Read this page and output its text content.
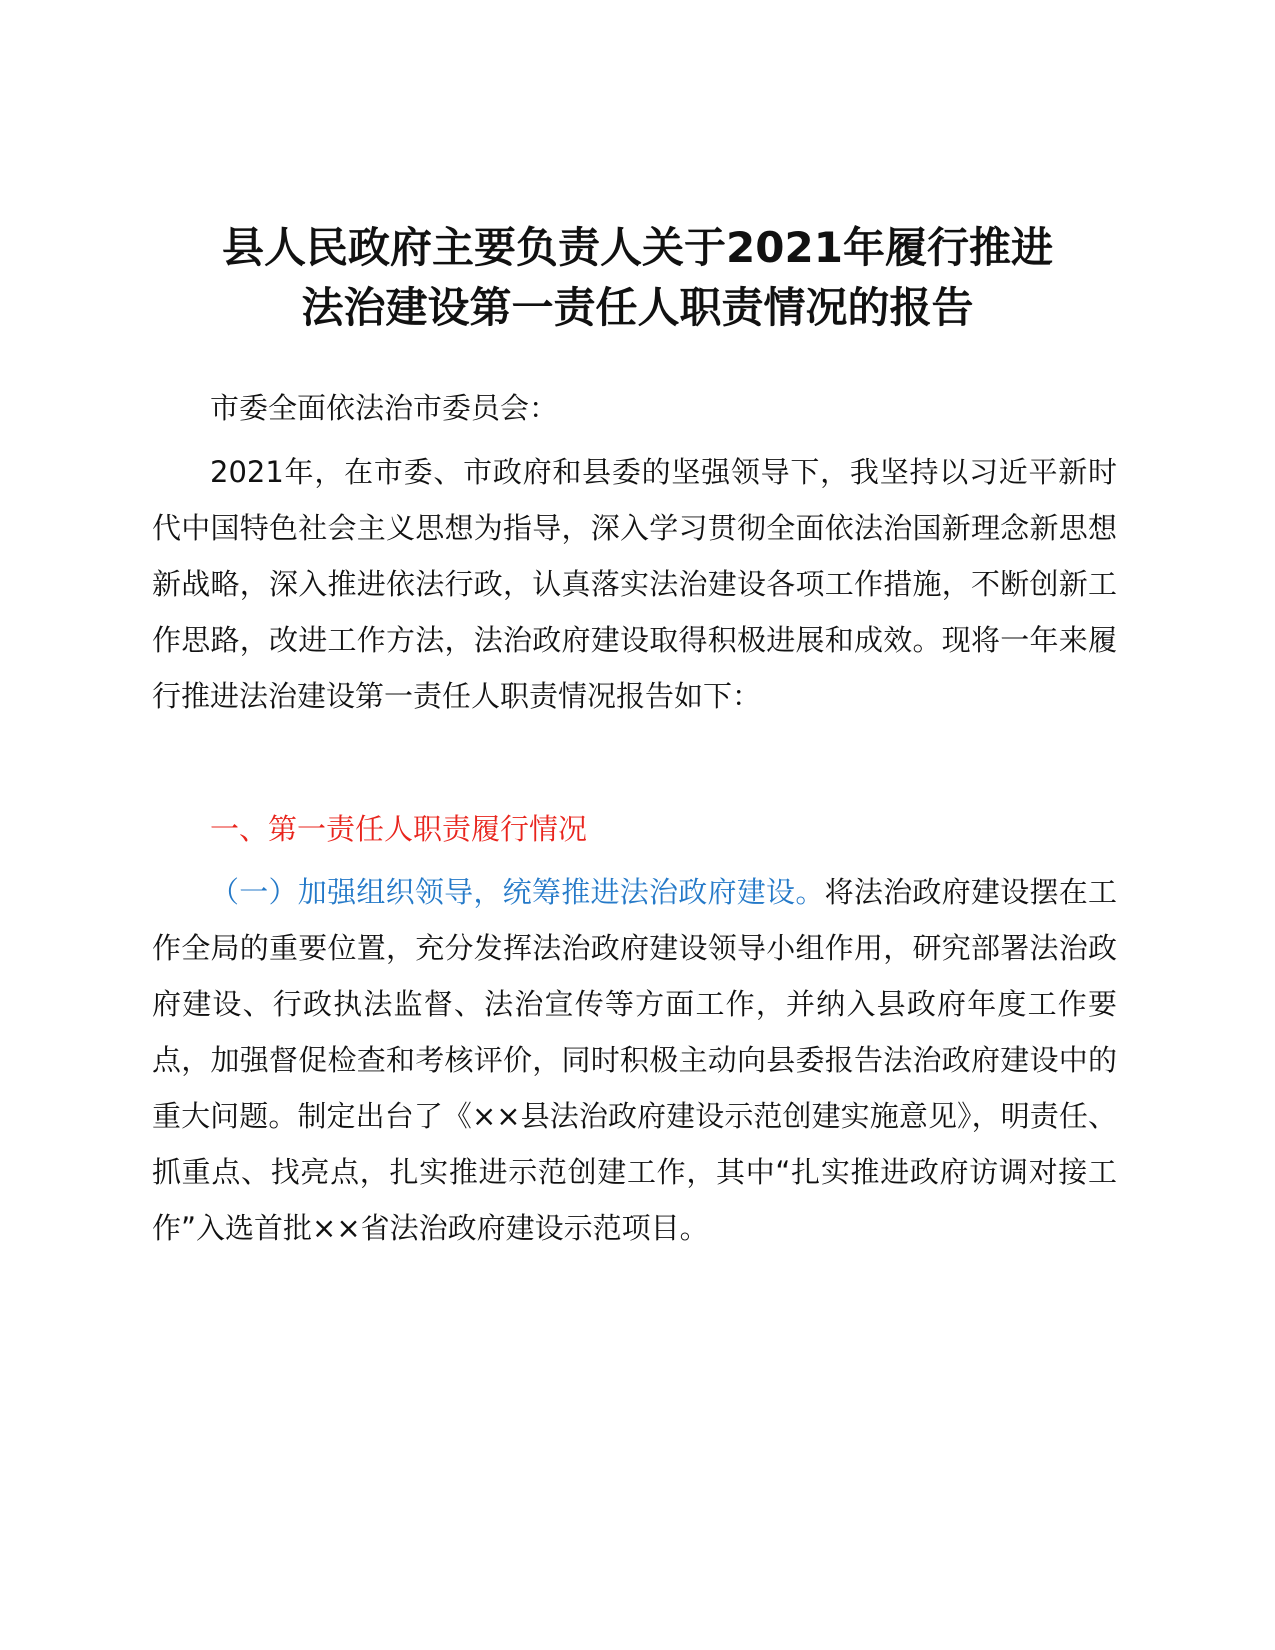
县人民政府主要负责人关于2021年履行推进
法治建设第一责任人职责情况的报告

市委全面依法治市委员会：

2021年，在市委、市政府和县委的坚强领导下，我坚持以习近平新时代中国特色社会主义思想为指导，深入学习贯彻全面依法治国新理念新思想新战略，深入推进依法行政，认真落实法治建设各项工作措施，不断创新工作思路，改进工作方法，法治政府建设取得积极进展和成效。现将一年来履行推进法治建设第一责任人职责情况报告如下：

一、第一责任人职责履行情况

（一）加强组织领导，统筹推进法治政府建设。将法治政府建设摆在工作全局的重要位置，充分发挥法治政府建设领导小组作用，研究部署法治政府建设、行政执法监督、法治宣传等方面工作，并纳入县政府年度工作要点，加强督促检查和考核评价，同时积极主动向县委报告法治政府建设中的重大问题。制定出台了《××县法治政府建设示范创建实施意见》，明责任、抓重点、找亮点，扎实推进示范创建工作，其中“扎实推进政府访调对接工作”入选首批××省法治政府建设示范项目。
